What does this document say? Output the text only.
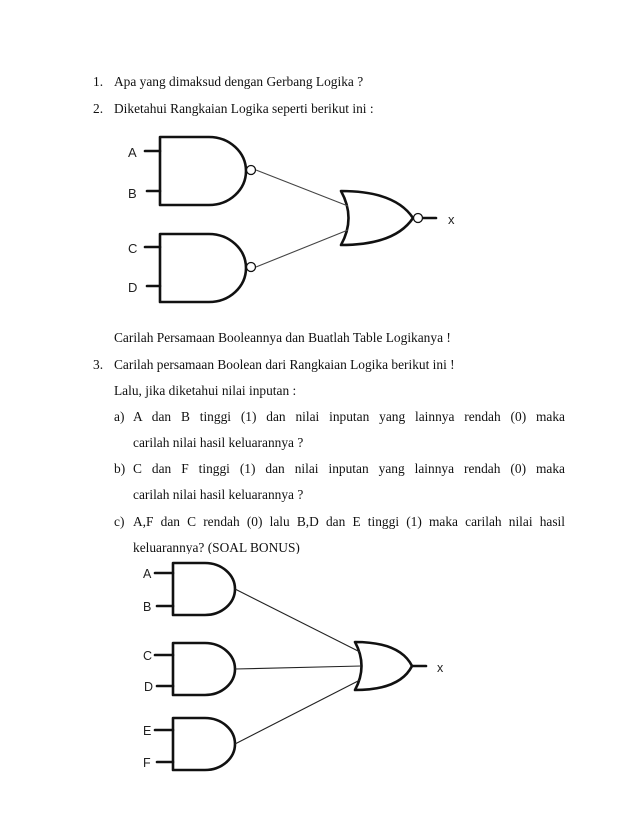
1. Apa yang dimaksud dengan Gerbang Logika ?
2. Diketahui Rangkaian Logika seperti berikut ini :
A
B
C
D
x
Carilah Persamaan Booleannya dan Buatlah Table Logikanya !
3. Carilah persamaan Boolean dari Rangkaian Logika berikut ini !
Lalu, jika diketahui nilai inputan :
a) A dan B tinggi (1) dan nilai inputan yang lainnya rendah (0) maka
carilah nilai hasil keluarannya ?
b) C dan F tinggi (1) dan nilai inputan yang lainnya rendah (0) maka
carilah nilai hasil keluarannya ?
c) A,F dan C rendah (0) lalu B,D dan E tinggi (1) maka carilah nilai hasil
keluarannya? (SOAL BONUS)
A
B
C
D
E
F
x
